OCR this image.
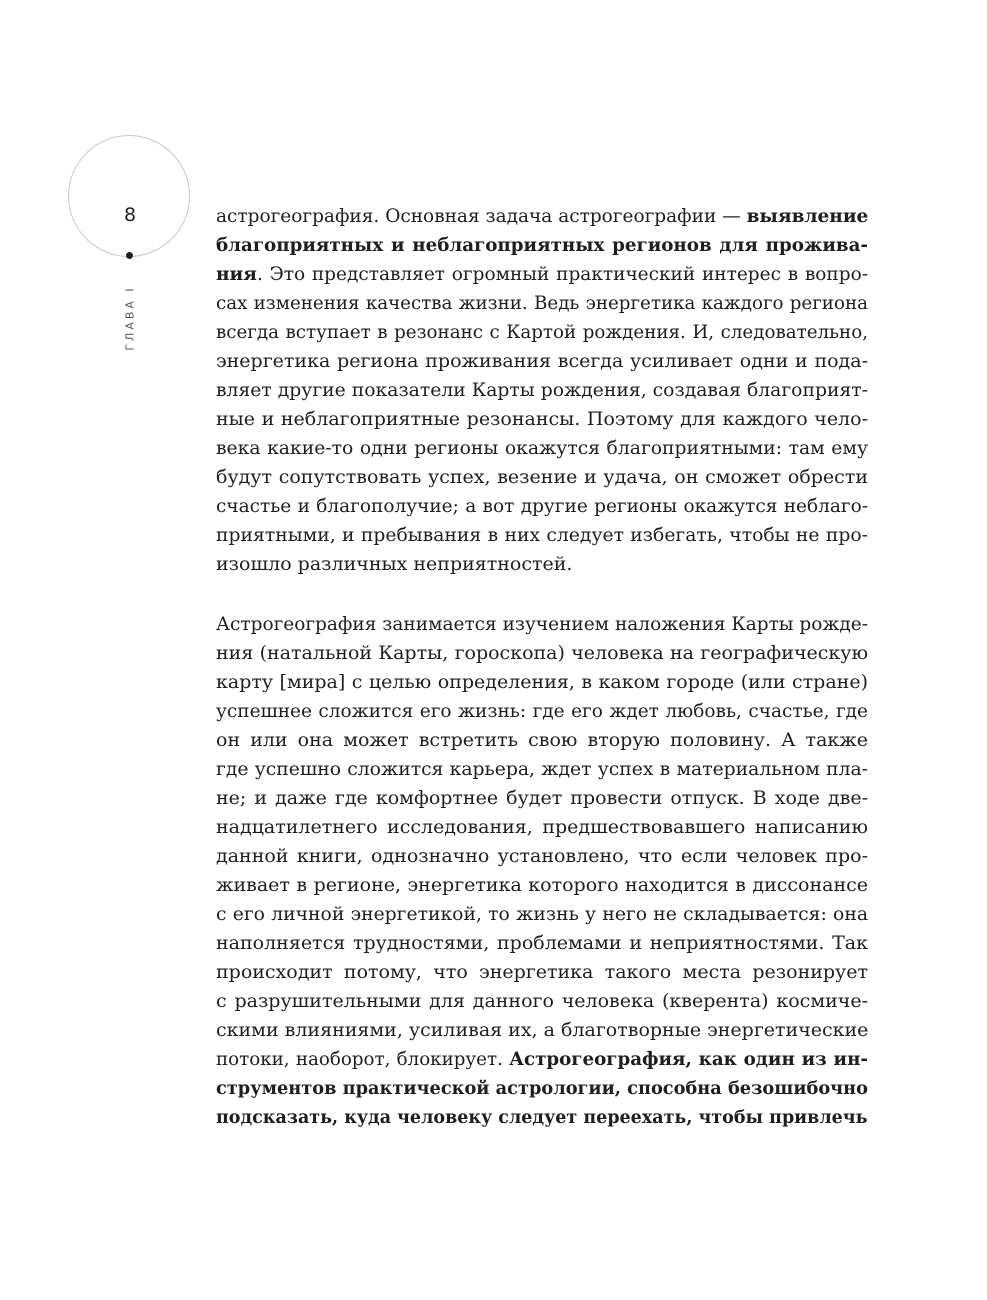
8
ГЛАВА I

астрогеография. Основная задача астрогеографии — выявление
благоприятных и неблагоприятных регионов для прожива-
ния. Это представляет огромный практический интерес в вопро-
сах изменения качества жизни. Ведь энергетика каждого региона
всегда вступает в резонанс с Картой рождения. И, следовательно,
энергетика региона проживания всегда усиливает одни и пода-
вляет другие показатели Карты рождения, создавая благоприят-
ные и неблагоприятные резонансы. Поэтому для каждого чело-
века какие-то одни регионы окажутся благоприятными: там ему
будут сопутствовать успех, везение и удача, он сможет обрести
счастье и благополучие; а вот другие регионы окажутся неблаго-
приятными, и пребывания в них следует избегать, чтобы не про-
изошло различных неприятностей.

Астрогеография занимается изучением наложения Карты рожде-
ния (натальной Карты, гороскопа) человека на географическую
карту [мира] с целью определения, в каком городе (или стране)
успешнее сложится его жизнь: где его ждет любовь, счастье, где
он или она может встретить свою вторую половину. А также
где успешно сложится карьера, ждет успех в материальном пла-
не; и даже где комфортнее будет провести отпуск. В ходе две-
надцатилетнего исследования, предшествовавшего написанию
данной книги, однозначно установлено, что если человек про-
живает в регионе, энергетика которого находится в диссонансе
с его личной энергетикой, то жизнь у него не складывается: она
наполняется трудностями, проблемами и неприятностями. Так
происходит потому, что энергетика такого места резонирует
с разрушительными для данного человека (кверента) космиче-
скими влияниями, усиливая их, а благотворные энергетические
потоки, наоборот, блокирует. Астрогеография, как один из ин-
струментов практической астрологии, способна безошибочно
подсказать, куда человеку следует переехать, чтобы привлечь
